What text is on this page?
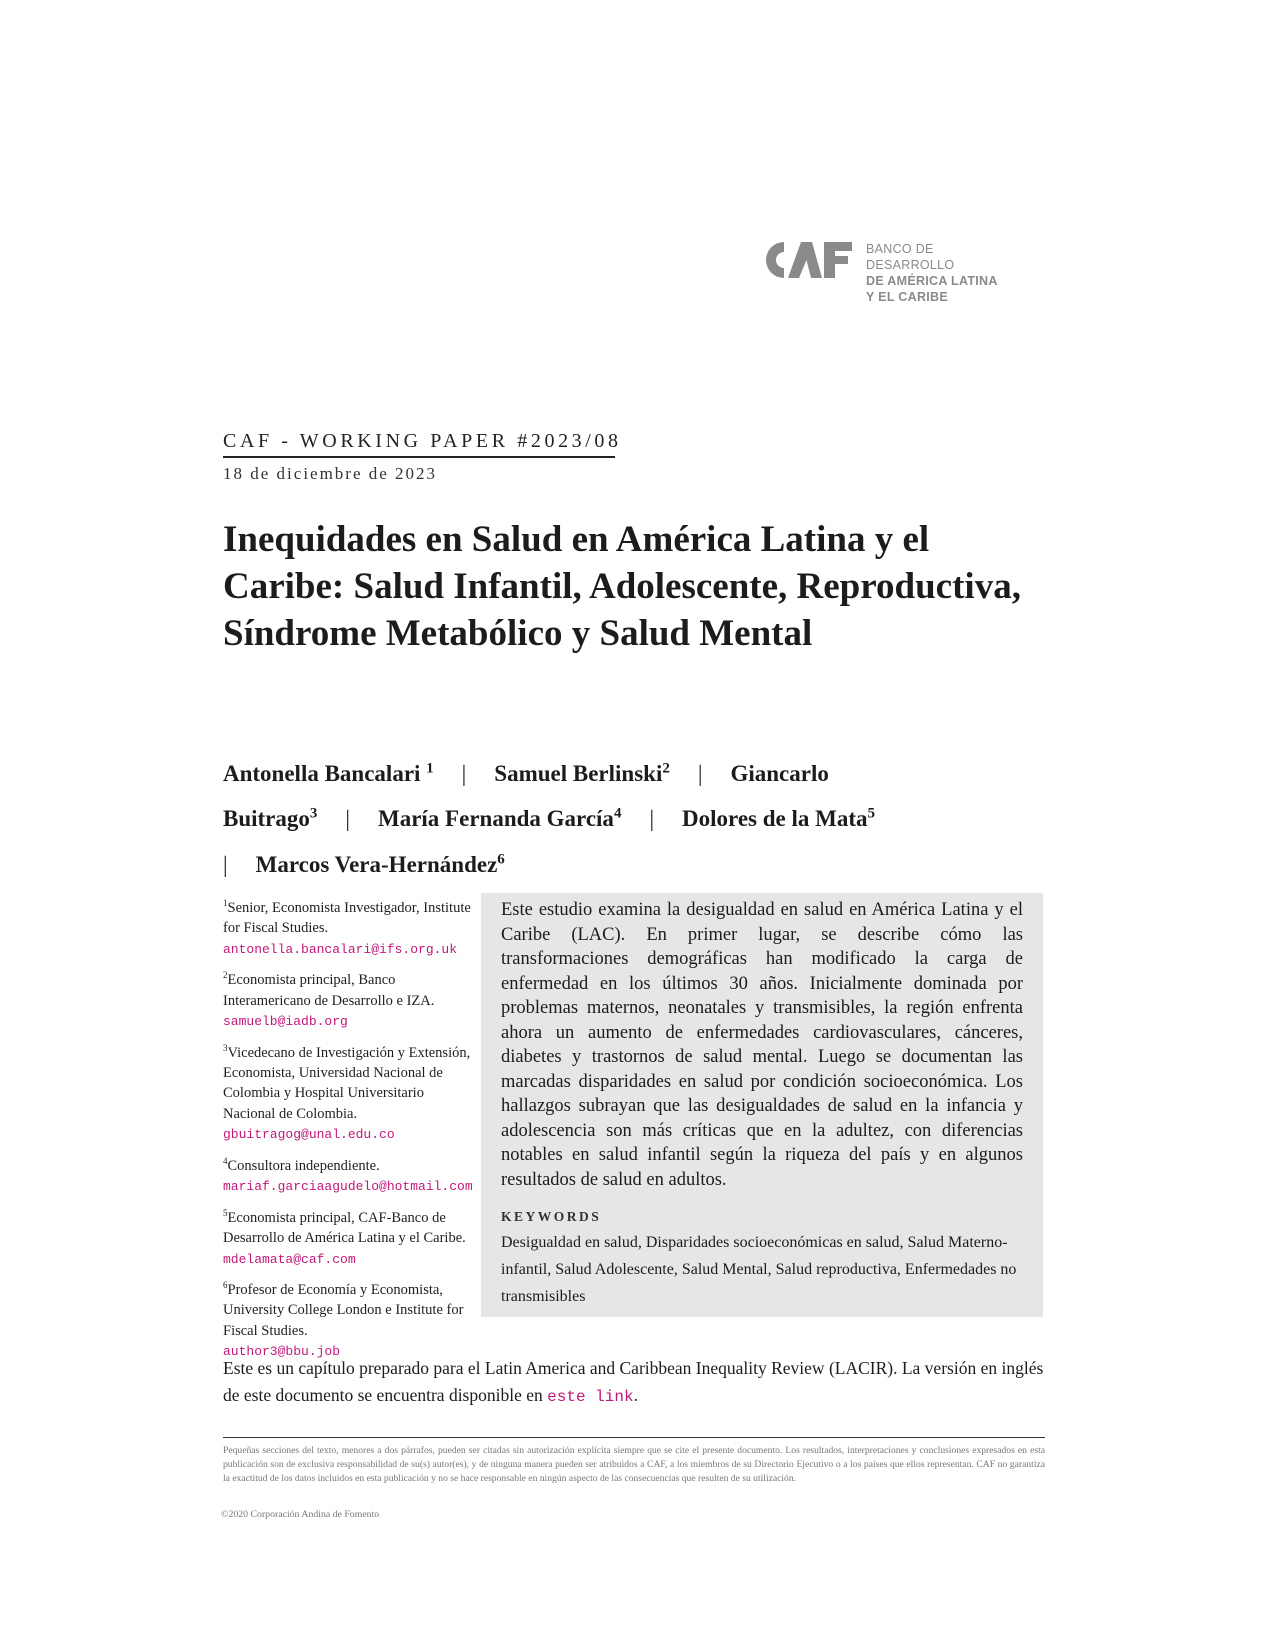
BANCO DE DESARROLLO
DE AMÉRICA LATINA
Y EL CARIBE
CAF - WORKING PAPER #2023/08
18 de diciembre de 2023
Inequidades en Salud en América Latina y el Caribe: Salud Infantil, Adolescente, Reproductiva, Síndrome Metabólico y Salud Mental
Antonella Bancalari $^1$ | Samuel Berlinski$^2$ | Giancarlo Buitrago$^3$ | María Fernanda García$^4$ | Dolores de la Mata$^5$
| Marcos Vera-Hernández$^6$
$^1$Senior, Economista Investigador, Institute for Fiscal Studies.
antonella.bancalari@ifs.org.uk
$^2$Economista principal, Banco Interamericano de Desarrollo e IZA.
samuelb@iadb.org
$^3$Vicedecano de Investigación y Extensión, Economista, Universidad Nacional de Colombia y Hospital Universitario Nacional de Colombia.
gbuitragog@unal.edu.co
$^4$Consultora independiente.
mariaf.garciaagudelo@hotmail.com
$^5$Economista principal, CAF-Banco de Desarrollo de América Latina y el Caribe. mdelamata@caf.com
$^6$Profesor de Economía y Economista, University College London e Institute for Fiscal Studies.
author3@bbu.job

Este estudio examina la desigualdad en salud en América Latina y el Caribe (LAC). En primer lugar, se describe cómo las transformaciones demográficas han modificado la carga de enfermedad en los últimos 30 años. Inicialmente dominada por problemas maternos, neonatales y transmisibles, la región enfrenta ahora un aumento de enfermedades cardiovasculares, cánceres, diabetes y trastornos de salud mental. Luego se documentan las marcadas disparidades en salud por condición socioeconómica. Los hallazgos subrayan que las desigualdades de salud en la infancia y adolescencia son más críticas que en la adultez, con diferencias notables en salud infantil según la riqueza del país y en algunos resultados de salud en adultos.

KEYWORDS
Desigualdad en salud, Disparidades socioeconómicas en salud, Salud Materno-infantil, Salud Adolescente, Salud Mental, Salud reproductiva, Enfermedades no transmisibles
Este es un capítulo preparado para el Latin America and Caribbean Inequality Review (LACIR). La versión en inglés de este documento se encuentra disponible en este link.
Pequeñas secciones del texto, menores a dos párrafos, pueden ser citadas sin autorización explícita siempre que se cite el presente documento. Los resultados, interpretaciones y conclusiones expresados en esta publicación son de exclusiva responsabilidad de su(s) autor(es), y de ninguna manera pueden ser atribuidos a CAF, a los miembros de su Directorio Ejecutivo o a los países que ellos representan. CAF no garantiza la exactitud de los datos incluidos en esta publicación y no se hace responsable en ningún aspecto de las consecuencias que resulten de su utilización.
©2020 Corporación Andina de Fomento
